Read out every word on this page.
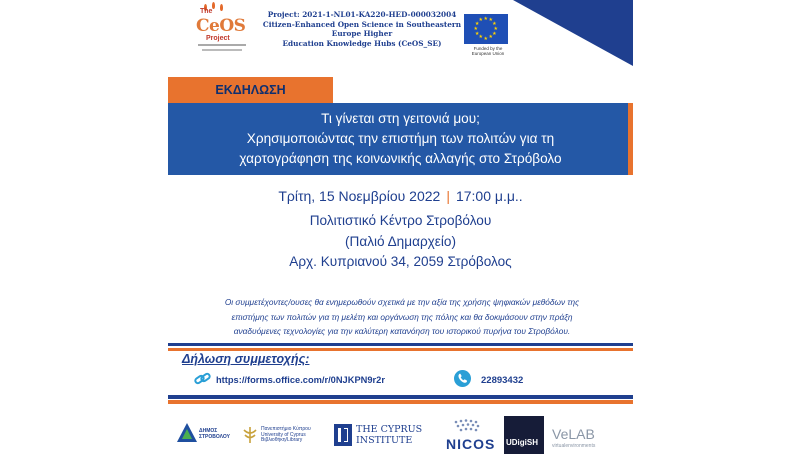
The
CeOS
Project
Project: 2021-1-NL01-KA220-HED-000032004
Citizen-Enhanced Open Science in Southeastern Europe Higher
Education Knowledge Hubs (CeOS_SE)
★
★
★
★
★
★
★
★
★ ★ ★
★
Funded by the
European Union
ΕΚΔΗΛΩΣΗ
Τι γίνεται στη γειτονιά μου;
Χρησιμοποιώντας την επιστήμη των πολιτών για τη
χαρτογράφηση της κοινωνικής αλλαγής στο Στρόβολο
Τρίτη, 15 Νοεμβρίου 2022 | 17:00 μ.μ..
Πολιτιστικό Κέντρο Στροβόλου
(Παλιό Δημαρχείο)
Αρχ. Κυπριανού 34, 2059 Στρόβολος
Οι συμμετέχοντες/ουσες θα ενημερωθούν σχετικά με την αξία της χρήσης ψηφιακών μεθόδων της
επιστήμης των πολιτών για τη μελέτη και οργάνωση της πόλης και θα δοκιμάσουν στην πράξη
αναδυόμενες τεχνολογίες για την καλύτερη κατανόηση του ιστορικού πυρήνα του Στροβόλου.
Δήλωση συμμετοχής:
https://forms.office.com/r/0NJKPN9r2r	22893432
ΔΗΜΟΣ
ΣΤΡΟΒΟΛΟΥ
Πανεπιστήμιο Κύπρου
University of Cyprus
Βιβλιοθήκη/Library
THE CYPRUS
INSTITUTE	NICOS UDigiSH
VeLAB
virtualenvironments
